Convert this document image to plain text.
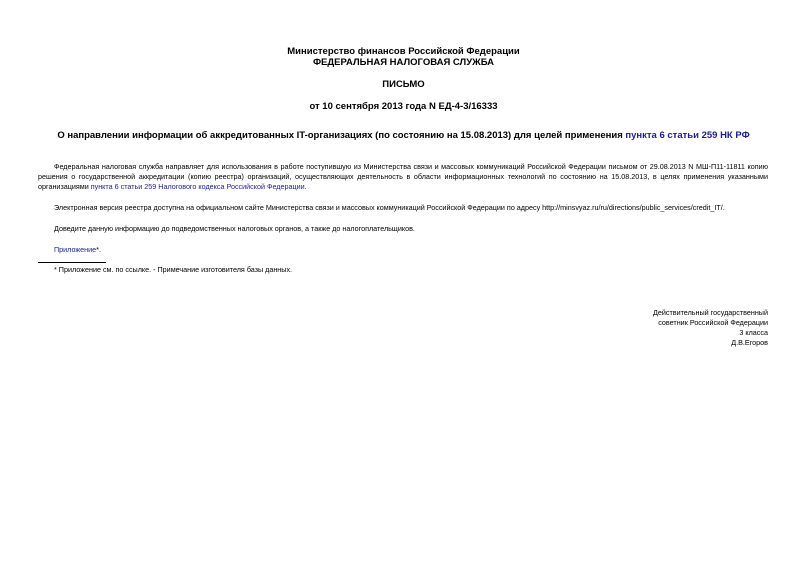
Министерство финансов Российской Федерации
ФЕДЕРАЛЬНАЯ НАЛОГОВАЯ СЛУЖБА
ПИСЬМО
от 10 сентября 2013 года N ЕД-4-3/16333
О направлении информации об аккредитованных IT-организациях (по состоянию на 15.08.2013) для целей применения пункта 6 статьи 259 НК РФ
Федеральная налоговая служба направляет для использования в работе поступившую из Министерства связи и массовых коммуникаций Российской Федерации письмом от 29.08.2013 N МШ-П11-11811 копию решения о государственной аккредитации (копию реестра) организаций, осуществляющих деятельность в области информационных технологий по состоянию на 15.08.2013, в целях применения указанными организациями пункта 6 статьи 259 Налогового кодекса Российской Федерации.
Электронная версия реестра доступна на официальном сайте Министерства связи и массовых коммуникаций Российской Федерации по адресу http://minsvyaz.ru/ru/directions/public_services/credit_IT/.
Доведите данную информацию до подведомственных налоговых органов, а также до налогоплательщиков.
Приложение*.
* Приложение см. по ссылке. - Примечание изготовителя базы данных.
Действительный государственный
советник Российской Федерации
3 класса
Д.В.Егоров
